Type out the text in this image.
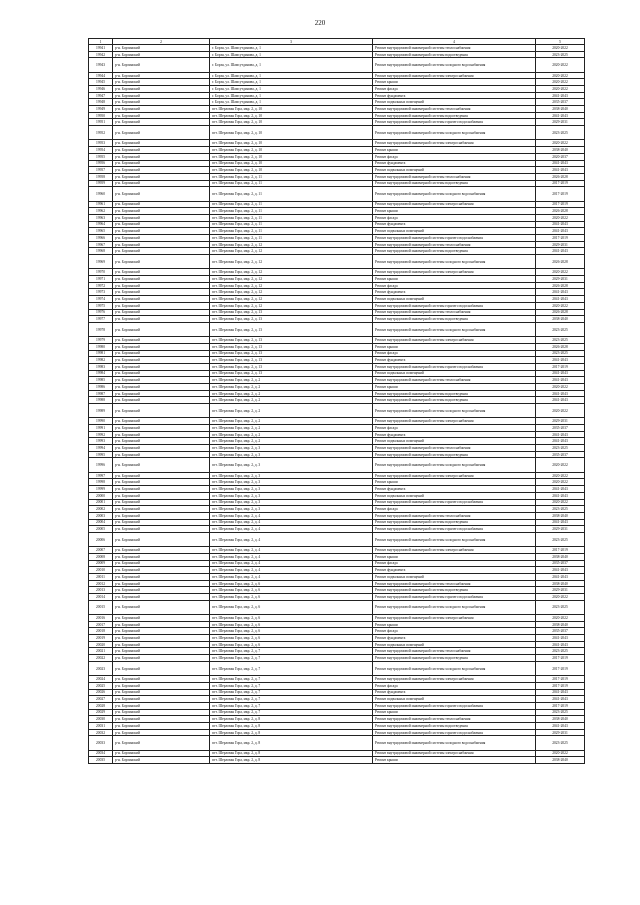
220
1	2	3	4	5
19941	р-н. Борзинский	г. Борзя, ул. Шамсутдинова, д. 1	Ремонт внутридомовой инженерной системы теплоснабжения	2020-2022
19942	р-н. Борзинский	г. Борзя, ул. Шамсутдинова, д. 1	Ремонт внутридомовой инженерной системы водоотведения	2023-2025
19943	р-н. Борзинский	г. Борзя, ул. Шамсутдинова, д. 1	Ремонт внутридомовой инженерной системы холодного водоснабжения	2020-2022
19944	р-н. Борзинский	г. Борзя, ул. Шамсутдинова, д. 1	Ремонт внутридомовой инженерной системы электроснабжения	2020-2022
19945	р-н. Борзинский	г. Борзя, ул. Шамсутдинова, д. 1	Ремонт крыши	2020-2022
19946	р-н. Борзинский	г. Борзя, ул. Шамсутдинова, д. 1	Ремонт фасада	2020-2022
19947	р-н. Борзинский	г. Борзя, ул. Шамсутдинова, д. 1	Ремонт фундамента	2041-2043
19948	р-н. Борзинский	г. Борзя, ул. Шамсутдинова, д. 1	Ремонт подвальных помещений	2035-2037
19949	р-н. Борзинский	пгт. Шерловая Гора, мкр. 2, д. 10	Ремонт внутридомовой инженерной системы теплоснабжения	2038-2040
19950	р-н. Борзинский	пгт. Шерловая Гора, мкр. 2, д. 10	Ремонт внутридомовой инженерной системы водоотведения	2041-2043
19951	р-н. Борзинский	пгт. Шерловая Гора, мкр. 2, д. 10	Ремонт внутридомовой инженерной системы горячего водоснабжения	2029-2031
19952	р-н. Борзинский	пгт. Шерловая Гора, мкр. 2, д. 10	Ремонт внутридомовой инженерной системы холодного водоснабжения	2023-2025
19953	р-н. Борзинский	пгт. Шерловая Гора, мкр. 2, д. 10	Ремонт внутридомовой инженерной системы электроснабжения	2020-2022
19954	р-н. Борзинский	пгт. Шерловая Гора, мкр. 2, д. 10	Ремонт крыши	2038-2040
19955	р-н. Борзинский	пгт. Шерловая Гора, мкр. 2, д. 10	Ремонт фасада	2020-2037
19956	р-н. Борзинский	пгт. Шерловая Гора, мкр. 2, д. 10	Ремонт фундамента	2041-2043
19957	р-н. Борзинский	пгт. Шерловая Гора, мкр. 2, д. 10	Ремонт подвальных помещений	2041-2043
19958	р-н. Борзинский	пгт. Шерловая Гора, мкр. 2, д. 11	Ремонт внутридомовой инженерной системы теплоснабжения	2026-2028
19959	р-н. Борзинский	пгт. Шерловая Гора, мкр. 2, д. 11	Ремонт внутридомовой инженерной системы водоотведения	2017-2019
19960	р-н. Борзинский	пгт. Шерловая Гора, мкр. 2, д. 11	Ремонт внутридомовой инженерной системы холодного водоснабжения	2017-2019
19961	р-н. Борзинский	пгт. Шерловая Гора, мкр. 2, д. 11	Ремонт внутридомовой инженерной системы электроснабжения	2017-2019
19962	р-н. Борзинский	пгт. Шерловая Гора, мкр. 2, д. 11	Ремонт крыши	2026-2028
19963	р-н. Борзинский	пгт. Шерловая Гора, мкр. 2, д. 11	Ремонт фасада	2020-2022
19964	р-н. Борзинский	пгт. Шерловая Гора, мкр. 2, д. 11	Ремонт фундамента	2041-2043
19965	р-н. Борзинский	пгт. Шерловая Гора, мкр. 2, д. 11	Ремонт подвальных помещений	2041-2043
19966	р-н. Борзинский	пгт. Шерловая Гора, мкр. 2, д. 11	Ремонт внутридомовой инженерной системы горячего водоснабжения	2017-2019
19967	р-н. Борзинский	пгт. Шерловая Гора, мкр. 2, д. 12	Ремонт внутридомовой инженерной системы теплоснабжения	2029-2031
19968	р-н. Борзинский	пгт. Шерловая Гора, мкр. 2, д. 12	Ремонт внутридомовой инженерной системы водоотведения	2041-2043
19969	р-н. Борзинский	пгт. Шерловая Гора, мкр. 2, д. 12	Ремонт внутридомовой инженерной системы холодного водоснабжения	2026-2028
19970	р-н. Борзинский	пгт. Шерловая Гора, мкр. 2, д. 12	Ремонт внутридомовой инженерной системы электроснабжения	2020-2022
19971	р-н. Борзинский	пгт. Шерловая Гора, мкр. 2, д. 12	Ремонт крыши	2029-2031
19972	р-н. Борзинский	пгт. Шерловая Гора, мкр. 2, д. 12	Ремонт фасада	2026-2028
19973	р-н. Борзинский	пгт. Шерловая Гора, мкр. 2, д. 12	Ремонт фундамента	2041-2043
19974	р-н. Борзинский	пгт. Шерловая Гора, мкр. 2, д. 12	Ремонт подвальных помещений	2041-2043
19975	р-н. Борзинский	пгт. Шерловая Гора, мкр. 2, д. 12	Ремонт внутридомовой инженерной системы горячего водоснабжения	2020-2022
19976	р-н. Борзинский	пгт. Шерловая Гора, мкр. 2, д. 13	Ремонт внутридомовой инженерной системы теплоснабжения	2026-2028
19977	р-н. Борзинский	пгт. Шерловая Гора, мкр. 2, д. 13	Ремонт внутридомовой инженерной системы водоотведения	2038-2040
19978	р-н. Борзинский	пгт. Шерловая Гора, мкр. 2, д. 13	Ремонт внутридомовой инженерной системы холодного водоснабжения	2023-2025
19979	р-н. Борзинский	пгт. Шерловая Гора, мкр. 2, д. 13	Ремонт внутридомовой инженерной системы электроснабжения	2023-2025
19980	р-н. Борзинский	пгт. Шерловая Гора, мкр. 2, д. 13	Ремонт крыши	2026-2028
19981	р-н. Борзинский	пгт. Шерловая Гора, мкр. 2, д. 13	Ремонт фасада	2023-2025
19982	р-н. Борзинский	пгт. Шерловая Гора, мкр. 2, д. 13	Ремонт фундамента	2041-2043
19983	р-н. Борзинский	пгт. Шерловая Гора, мкр. 2, д. 13	Ремонт внутридомовой инженерной системы горячего водоснабжения	2017-2019
19984	р-н. Борзинский	пгт. Шерловая Гора, мкр. 2, д. 13	Ремонт подвальных помещений	2041-2043
19985	р-н. Борзинский	пгт. Шерловая Гора, мкр. 2, д. 2	Ремонт внутридомовой инженерной системы теплоснабжения	2041-2043
19986	р-н. Борзинский	пгт. Шерловая Гора, мкр. 2, д. 2	Ремонт крыши	2020-2022
19987	р-н. Борзинский	пгт. Шерловая Гора, мкр. 2, д. 2	Ремонт внутридомовой инженерной системы водоотведения	2041-2043
19988	р-н. Борзинский	пгт. Шерловая Гора, мкр. 2, д. 2	Ремонт внутридомовой инженерной системы водоотведения	2041-2043
19989	р-н. Борзинский	пгт. Шерловая Гора, мкр. 2, д. 2	Ремонт внутридомовой инженерной системы холодного водоснабжения	2020-2022
19990	р-н. Борзинский	пгт. Шерловая Гора, мкр. 2, д. 2	Ремонт внутридомовой инженерной системы электроснабжения	2029-2031
19991	р-н. Борзинский	пгт. Шерловая Гора, мкр. 2, д. 2	Ремонт фасада	2035-2037
19992	р-н. Борзинский	пгт. Шерловая Гора, мкр. 2, д. 2	Ремонт фундамента	2041-2043
19993	р-н. Борзинский	пгт. Шерловая Гора, мкр. 2, д. 2	Ремонт подвальных помещений	2041-2043
19994	р-н. Борзинский	пгт. Шерловая Гора, мкр. 2, д. 3	Ремонт внутридомовой инженерной системы теплоснабжения	2023-2025
19995	р-н. Борзинский	пгт. Шерловая Гора, мкр. 2, д. 3	Ремонт внутридомовой инженерной системы водоотведения	2035-2037
19996	р-н. Борзинский	пгт. Шерловая Гора, мкр. 2, д. 3	Ремонт внутридомовой инженерной системы холодного водоснабжения	2020-2022
19997	р-н. Борзинский	пгт. Шерловая Гора, мкр. 2, д. 3	Ремонт внутридомовой инженерной системы электроснабжения	2020-2022
19998	р-н. Борзинский	пгт. Шерловая Гора, мкр. 2, д. 3	Ремонт крыши	2020-2022
19999	р-н. Борзинский	пгт. Шерловая Гора, мкр. 2, д. 3	Ремонт фундамента	2041-2043
20000	р-н. Борзинский	пгт. Шерловая Гора, мкр. 2, д. 3	Ремонт подвальных помещений	2041-2043
20001	р-н. Борзинский	пгт. Шерловая Гора, мкр. 2, д. 3	Ремонт внутридомовой инженерной системы горячего водоснабжения	2020-2022
20002	р-н. Борзинский	пгт. Шерловая Гора, мкр. 2, д. 3	Ремонт фасада	2023-2025
20003	р-н. Борзинский	пгт. Шерловая Гора, мкр. 2, д. 4	Ремонт внутридомовой инженерной системы теплоснабжения	2038-2040
20004	р-н. Борзинский	пгт. Шерловая Гора, мкр. 2, д. 4	Ремонт внутридомовой инженерной системы водоотведения	2041-2043
20005	р-н. Борзинский	пгт. Шерловая Гора, мкр. 2, д. 4	Ремонт внутридомовой инженерной системы горячего водоснабжения	2029-2031
20006	р-н. Борзинский	пгт. Шерловая Гора, мкр. 2, д. 4	Ремонт внутридомовой инженерной системы холодного водоснабжения	2023-2025
20007	р-н. Борзинский	пгт. Шерловая Гора, мкр. 2, д. 4	Ремонт внутридомовой инженерной системы электроснабжения	2017-2019
20008	р-н. Борзинский	пгт. Шерловая Гора, мкр. 2, д. 4	Ремонт крыши	2038-2040
20009	р-н. Борзинский	пгт. Шерловая Гора, мкр. 2, д. 4	Ремонт фасада	2035-2037
20010	р-н. Борзинский	пгт. Шерловая Гора, мкр. 2, д. 4	Ремонт фундамента	2041-2043
20011	р-н. Борзинский	пгт. Шерловая Гора, мкр. 2, д. 4	Ремонт подвальных помещений	2041-2043
20012	р-н. Борзинский	пгт. Шерловая Гора, мкр. 2, д. 6	Ремонт внутридомовой инженерной системы теплоснабжения	2038-2040
20013	р-н. Борзинский	пгт. Шерловая Гора, мкр. 2, д. 6	Ремонт внутридомовой инженерной системы водоотведения	2029-2031
20014	р-н. Борзинский	пгт. Шерловая Гора, мкр. 2, д. 6	Ремонт внутридомовой инженерной системы горячего водоснабжения	2020-2022
20015	р-н. Борзинский	пгт. Шерловая Гора, мкр. 2, д. 6	Ремонт внутридомовой инженерной системы холодного водоснабжения	2023-2025
20016	р-н. Борзинский	пгт. Шерловая Гора, мкр. 2, д. 6	Ремонт внутридомовой инженерной системы электроснабжения	2020-2022
20017	р-н. Борзинский	пгт. Шерловая Гора, мкр. 2, д. 6	Ремонт крыши	2038-2040
20018	р-н. Борзинский	пгт. Шерловая Гора, мкр. 2, д. 6	Ремонт фасада	2035-2037
20019	р-н. Борзинский	пгт. Шерловая Гора, мкр. 2, д. 6	Ремонт фундамента	2041-2043
20020	р-н. Борзинский	пгт. Шерловая Гора, мкр. 2, д. 6	Ремонт подвальных помещений	2041-2043
20021	р-н. Борзинский	пгт. Шерловая Гора, мкр. 2, д. 7	Ремонт внутридомовой инженерной системы теплоснабжения	2023-2025
20022	р-н. Борзинский	пгт. Шерловая Гора, мкр. 2, д. 7	Ремонт внутридомовой инженерной системы водоотведения	2017-2019
20023	р-н. Борзинский	пгт. Шерловая Гора, мкр. 2, д. 7	Ремонт внутридомовой инженерной системы холодного водоснабжения	2017-2019
20024	р-н. Борзинский	пгт. Шерловая Гора, мкр. 2, д. 7	Ремонт внутридомовой инженерной системы электроснабжения	2017-2019
20025	р-н. Борзинский	пгт. Шерловая Гора, мкр. 2, д. 7	Ремонт фасада	2017-2019
20026	р-н. Борзинский	пгт. Шерловая Гора, мкр. 2, д. 7	Ремонт фундамента	2041-2043
20027	р-н. Борзинский	пгт. Шерловая Гора, мкр. 2, д. 7	Ремонт подвальных помещений	2041-2043
20028	р-н. Борзинский	пгт. Шерловая Гора, мкр. 2, д. 7	Ремонт внутридомовой инженерной системы горячего водоснабжения	2017-2019
20029	р-н. Борзинский	пгт. Шерловая Гора, мкр. 2, д. 7	Ремонт крыши	2023-2025
20030	р-н. Борзинский	пгт. Шерловая Гора, мкр. 2, д. 8	Ремонт внутридомовой инженерной системы теплоснабжения	2038-2040
20031	р-н. Борзинский	пгт. Шерловая Гора, мкр. 2, д. 8	Ремонт внутридомовой инженерной системы водоотведения	2041-2043
20032	р-н. Борзинский	пгт. Шерловая Гора, мкр. 2, д. 8	Ремонт внутридомовой инженерной системы горячего водоснабжения	2029-2031
20033	р-н. Борзинский	пгт. Шерловая Гора, мкр. 2, д. 8	Ремонт внутридомовой инженерной системы холодного водоснабжения	2023-2025
20034	р-н. Борзинский	пгт. Шерловая Гора, мкр. 2, д. 8	Ремонт внутридомовой инженерной системы электроснабжения	2020-2022
20035	р-н. Борзинский	пгт. Шерловая Гора, мкр. 2, д. 8	Ремонт крыши	2038-2040
